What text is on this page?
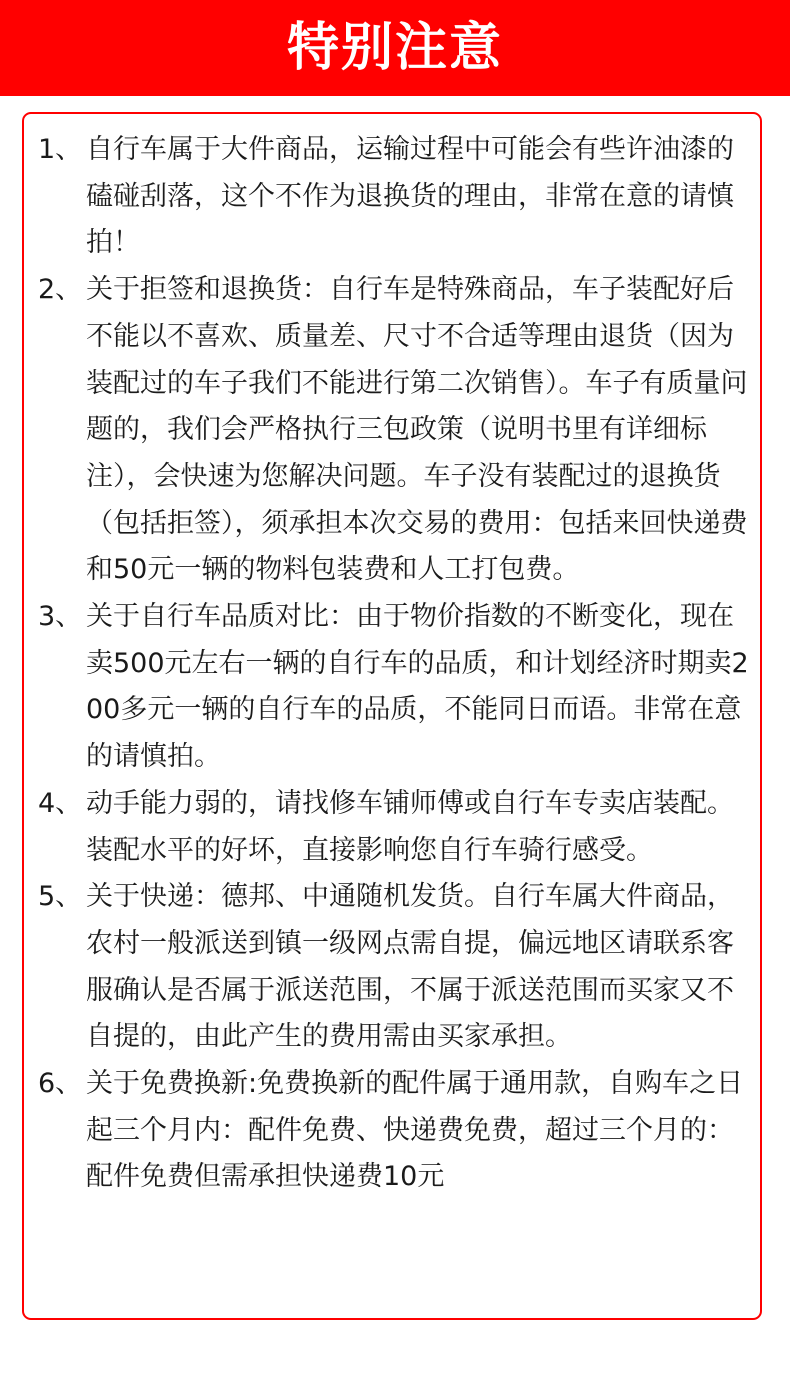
特别注意
1、 自行车属于大件商品，运输过程中可能会有些许油漆的磕碰刮落，这个不作为退换货的理由，非常在意的请慎拍！
2、 关于拒签和退换货：自行车是特殊商品，车子装配好后不能以不喜欢、质量差、尺寸不合适等理由退货（因为装配过的车子我们不能进行第二次销售）。车子有质量问题的，我们会严格执行三包政策（说明书里有详细标注），会快速为您解决问题。车子没有装配过的退换货（包括拒签），须承担本次交易的费用：包括来回快递费和50元一辆的物料包装费和人工打包费。
3、 关于自行车品质对比：由于物价指数的不断变化，现在卖500元左右一辆的自行车的品质，和计划经济时期卖200多元一辆的自行车的品质，不能同日而语。非常在意的请慎拍。
4、 动手能力弱的，请找修车铺师傅或自行车专卖店装配。装配水平的好坏，直接影响您自行车骑行感受。
5、 关于快递：德邦、中通随机发货。自行车属大件商品，农村一般派送到镇一级网点需自提，偏远地区请联系客服确认是否属于派送范围，不属于派送范围而买家又不自提的，由此产生的费用需由买家承担。
6、 关于免费换新:免费换新的配件属于通用款，自购车之日起三个月内：配件免费、快递费免费，超过三个月的：配件免费但需承担快递费10元
